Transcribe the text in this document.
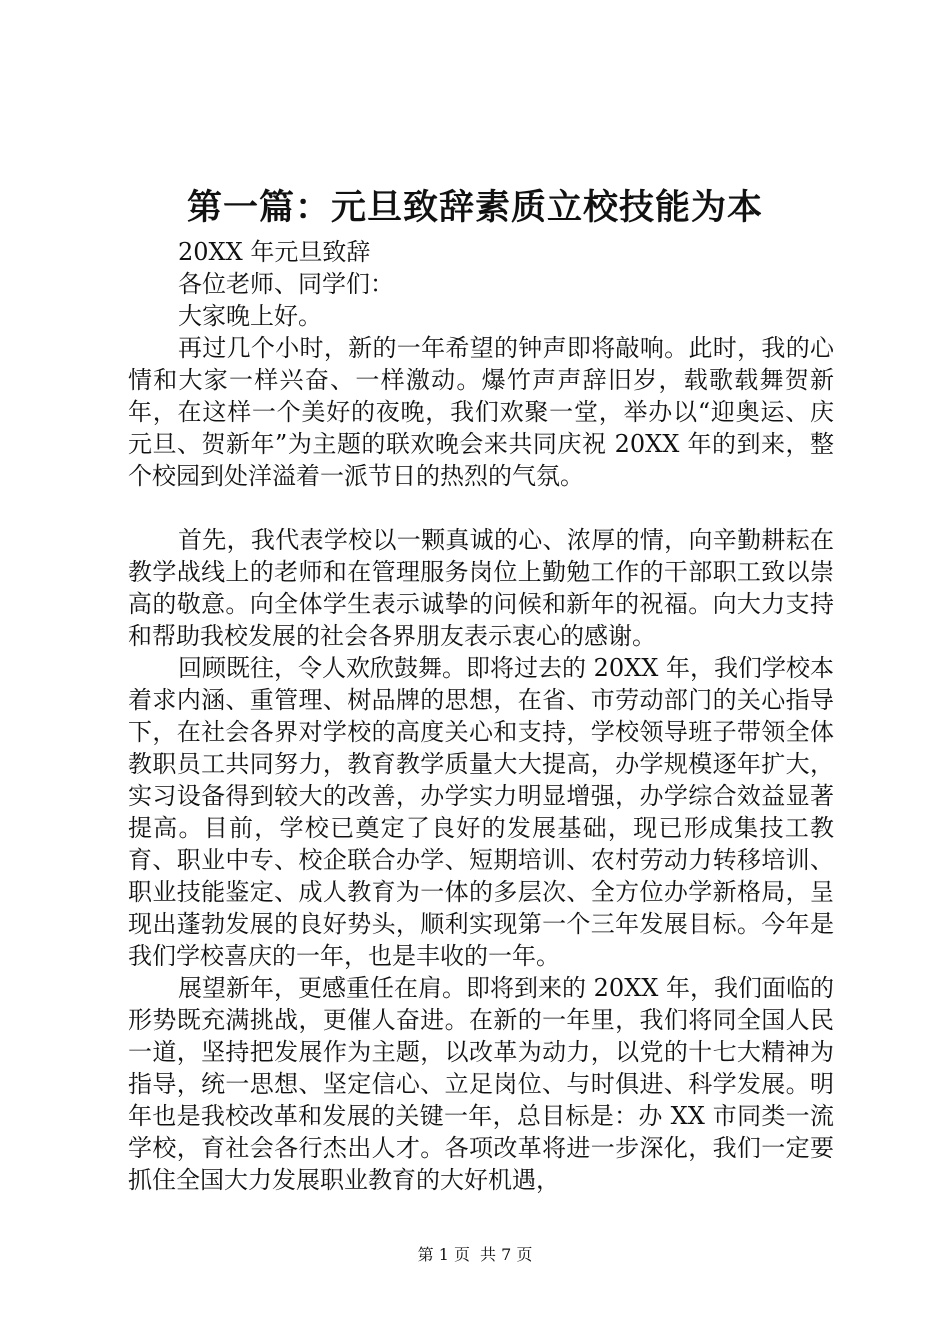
第一篇：元旦致辞素质立校技能为本

20XX 年元旦致辞

各位老师、同学们：

大家晚上好。

再过几个小时，新的一年希望的钟声即将敲响。此时，我的心情和大家一样兴奋、一样激动。爆竹声声辞旧岁，载歌载舞贺新年，在这样一个美好的夜晚，我们欢聚一堂，举办以“迎奥运、庆元旦、贺新年”为主题的联欢晚会来共同庆祝 20XX 年的到来，整个校园到处洋溢着一派节日的热烈的气氛。

首先，我代表学校以一颗真诚的心、浓厚的情，向辛勤耕耘在教学战线上的老师和在管理服务岗位上勤勉工作的干部职工致以崇高的敬意。向全体学生表示诚挚的问候和新年的祝福。向大力支持和帮助我校发展的社会各界朋友表示衷心的感谢。

回顾既往，令人欢欣鼓舞。即将过去的 20XX 年，我们学校本着求内涵、重管理、树品牌的思想，在省、市劳动部门的关心指导下，在社会各界对学校的高度关心和支持，学校领导班子带领全体教职员工共同努力，教育教学质量大大提高，办学规模逐年扩大，实习设备得到较大的改善，办学实力明显增强，办学综合效益显著提高。目前，学校已奠定了良好的发展基础，现已形成集技工教育、职业中专、校企联合办学、短期培训、农村劳动力转移培训、职业技能鉴定、成人教育为一体的多层次、全方位办学新格局，呈现出蓬勃发展的良好势头，顺利实现第一个三年发展目标。今年是我们学校喜庆的一年，也是丰收的一年。

展望新年，更感重任在肩。即将到来的 20XX 年，我们面临的形势既充满挑战，更催人奋进。在新的一年里，我们将同全国人民一道，坚持把发展作为主题，以改革为动力，以党的十七大精神为指导，统一思想、坚定信心、立足岗位、与时俱进、科学发展。明年也是我校改革和发展的关键一年，总目标是：办 XX 市同类一流学校，育社会各行杰出人才。各项改革将进一步深化，我们一定要抓住全国大力发展职业教育的大好机遇，

第 1 页 共 7 页
